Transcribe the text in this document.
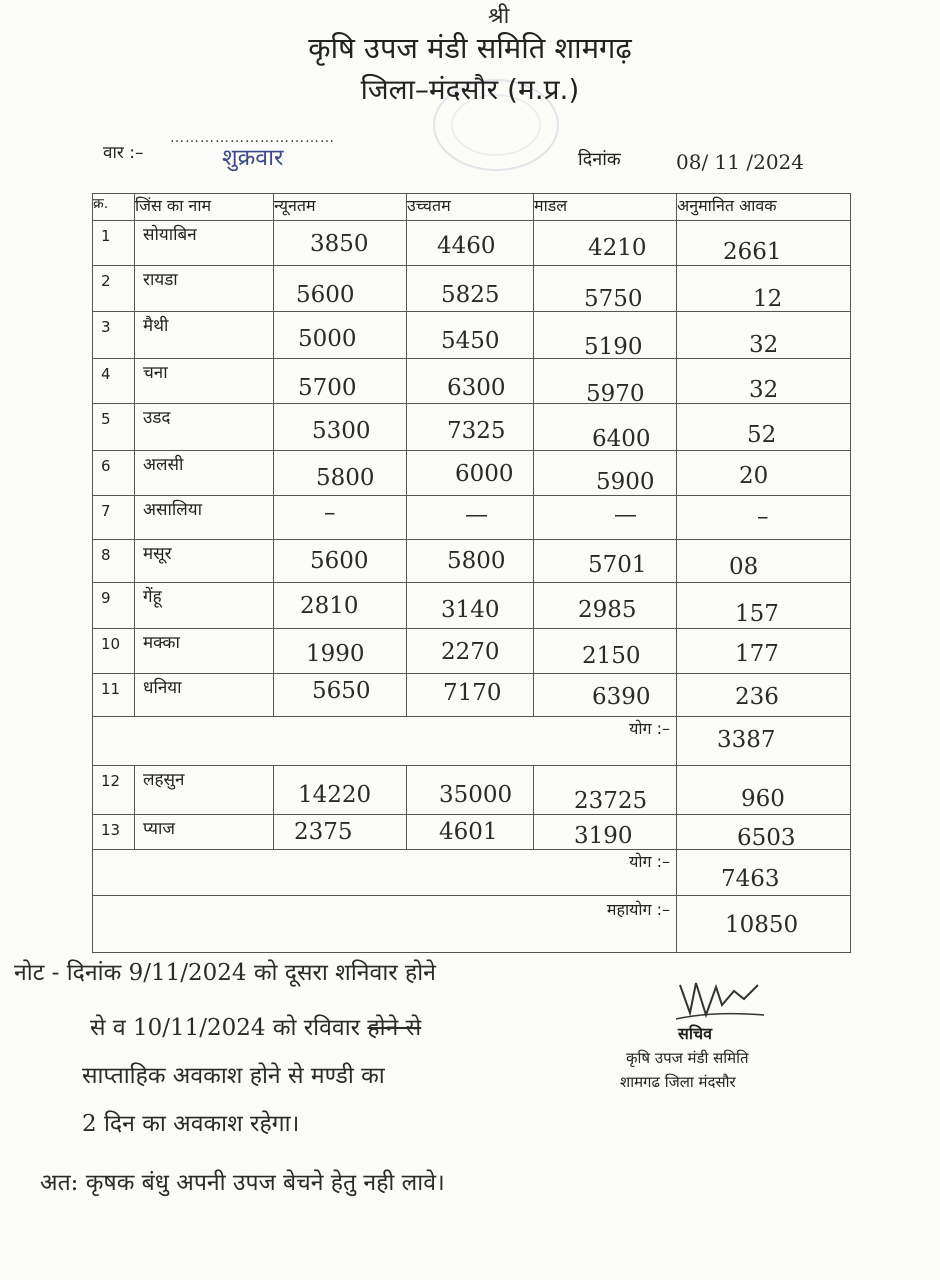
श्री
कृषि उपज मंडी समिति शामगढ़
जिला–मंदसौर (म.प्र.)
वार :–
……………………………
शुक्रवार	दिनांक	08/ 11 /2024
क्र.	जिंस का नाम	न्यूनतम	उच्चतम	माडल	अनुमानित आवक

1	सोयाबिन	3850	4460	4210	2661

2	रायडा	5600	5825	5750	12

3	मैथी	5000	5450	5190	32

4	चना	5700	6300	5970	32

5	उडद	5300	7325	6400	52

6	अलसी	5800	6000	5900	20

7	असालिया	–	—	—	–

8	मसूर	5600	5800	5701	08

9	गेंहू	2810	3140	2985	157

10	मक्का	1990	2270	2150	177

11	धनिया	5650	7170	6390	236

योग :–					3387

12	लहसुन	14220	35000	23725	960

13	प्याज	2375	4601	3190	6503

योग :–					7463

महायोग :–					10850
नोट - दिनांक 9/11/2024 को दूसरा शनिवार होने
से व 10/11/2024 को रविवार होने से
साप्ताहिक अवकाश होने से मण्डी का
2 दिन का अवकाश रहेगा।
अत: कृषक बंधु अपनी उपज बेचने हेतु नही लावे।
सचिव
कृषि उपज मंडी समिति
शामगढ जिला मंदसौर
